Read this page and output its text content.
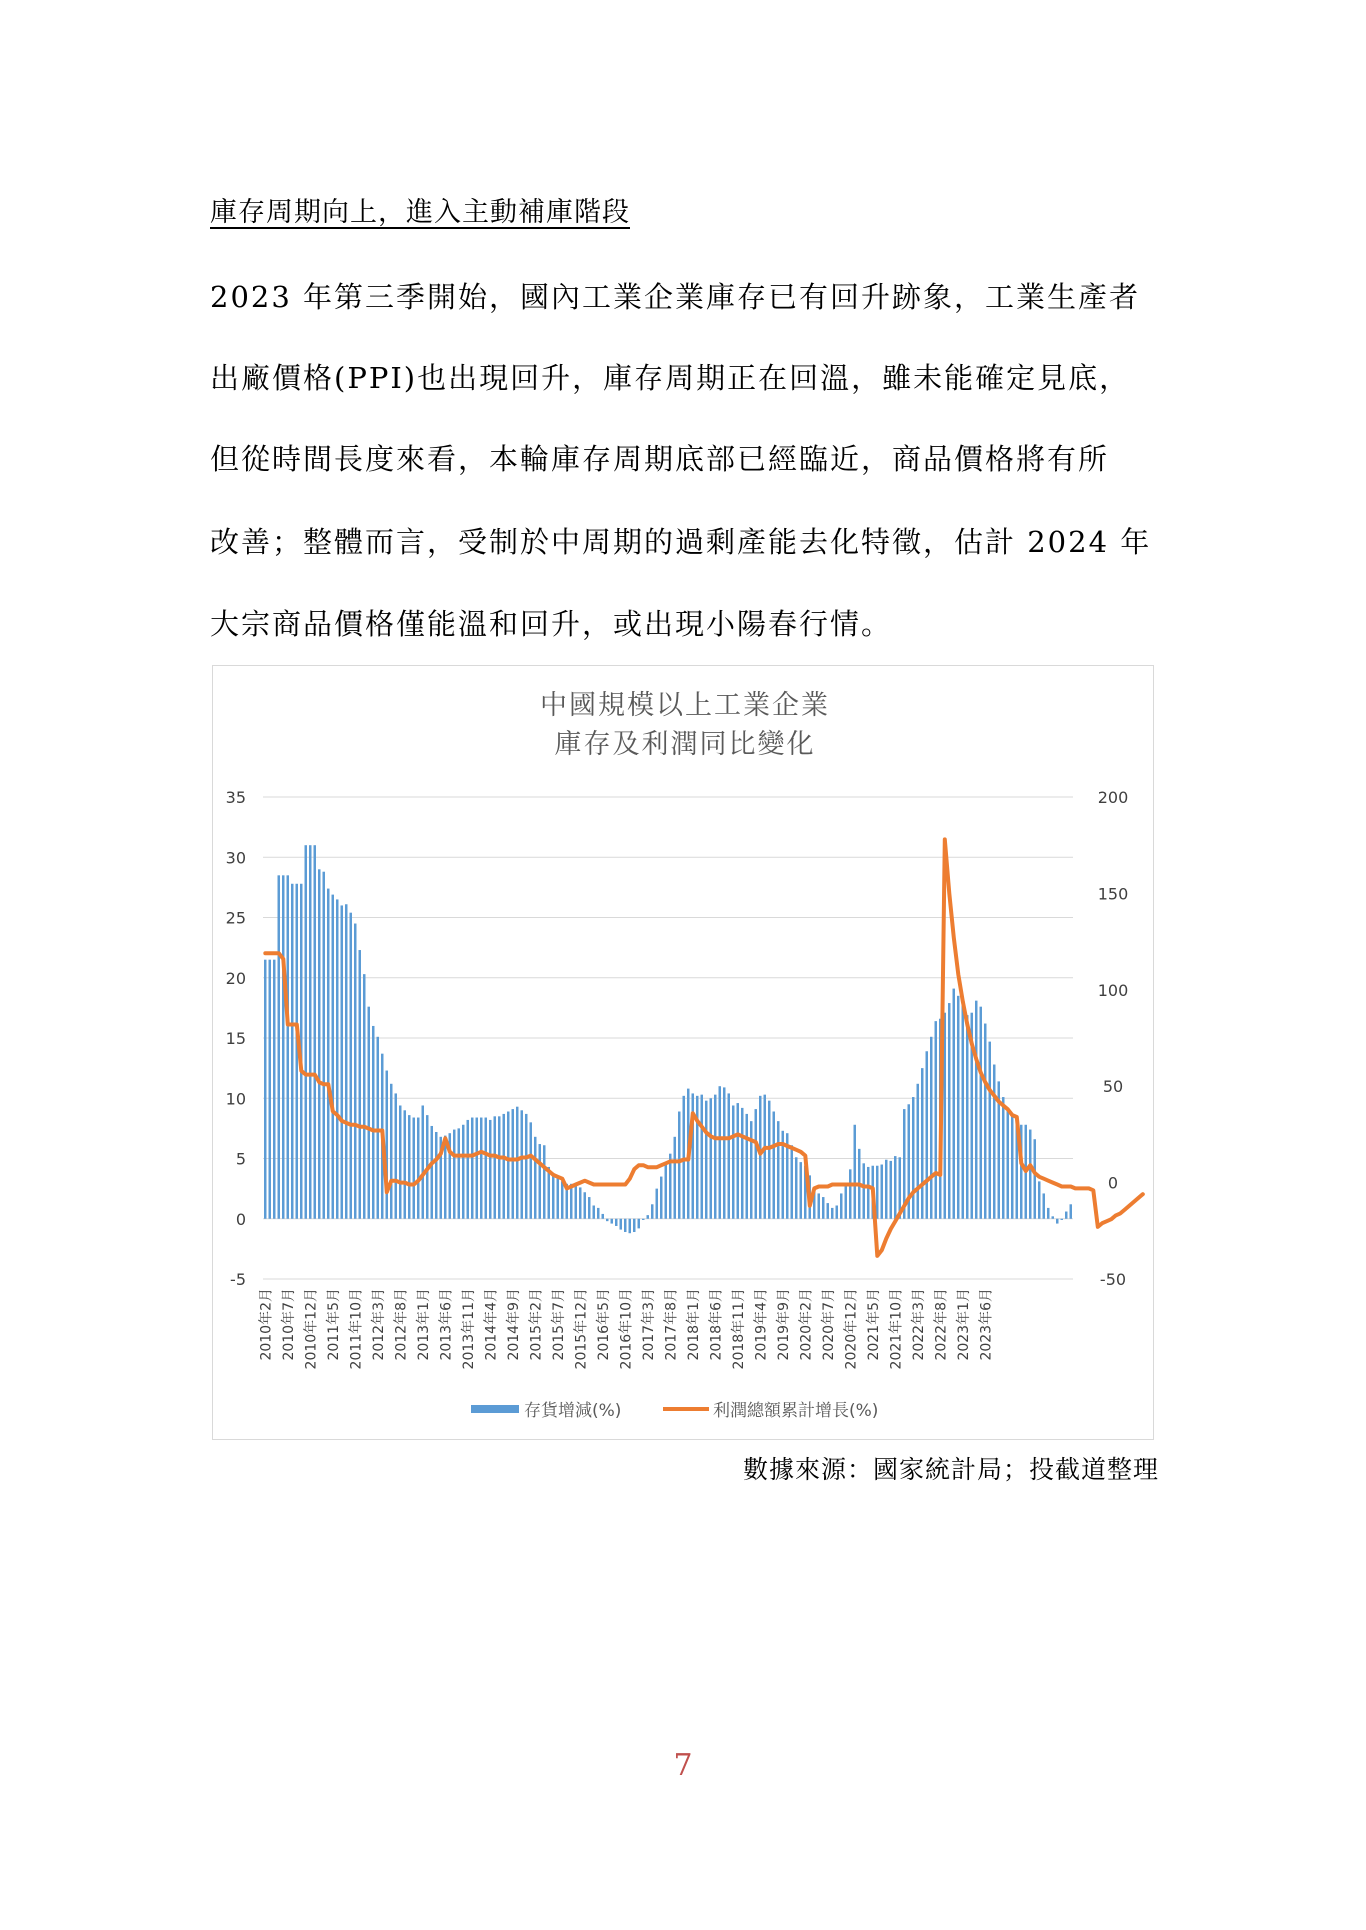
庫存周期向上，進入主動補庫階段
2023 年第三季開始，國內工業企業庫存已有回升跡象，工業生產者
出廠價格(PPI)也出現回升，庫存周期正在回溫，雖未能確定見底，
但從時間長度來看，本輪庫存周期底部已經臨近，商品價格將有所
改善；整體而言，受制於中周期的過剩產能去化特徵，估計 2024 年
大宗商品價格僅能溫和回升，或出現小陽春行情。
中國規模以上工業企業
庫存及利潤同比變化
35
30
25
20
15
10
5
0
-5
200
150
100
50
0
-50
2010年2月 2010年7月 2010年12月 2011年5月 2011年10月 2012年3月 2012年8月 2013年1月 2013年6月 2013年11月 2014年4月 2014年9月 2015年2月 2015年7月 2015年12月 2016年5月 2016年10月 2017年3月 2017年8月 2018年1月 2018年6月 2018年11月 2019年4月 2019年9月 2020年2月 2020年7月 2020年12月 2021年5月 2021年10月 2022年3月 2022年8月 2023年1月 2023年6月
存貨增減(%)	利潤總額累計增長(%)
數據來源：國家統計局；投截道整理
7
